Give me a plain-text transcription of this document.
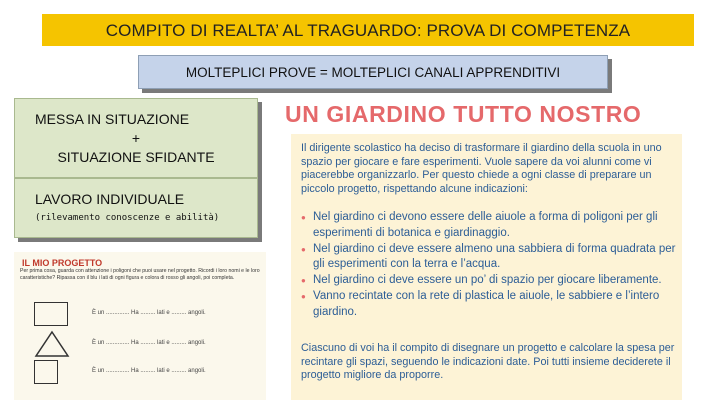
COMPITO DI REALTA’ AL TRAGUARDO: PROVA DI COMPETENZA
MOLTEPLICI PROVE = MOLTEPLICI CANALI APPRENDITIVI
MESSA IN SITUAZIONE
+
SITUAZIONE SFIDANTE
LAVORO INDIVIDUALE
(rilevamento conoscenze e abilità)
IL MIO PROGETTO
Per prima cosa, guarda con attenzione i poligoni che puoi usare nel progetto. Ricordi i loro nomi e le loro caratteristiche? Ripassa con il blu i lati di ogni figura e colora di rosso gli angoli, poi completa.
È un .............. Ha ......... lati e ......... angoli.
È un .............. Ha ......... lati e ......... angoli.
È un .............. Ha ......... lati e ......... angoli.
UN GIARDINO TUTTO NOSTRO
Il dirigente scolastico ha deciso di trasformare il giardino della scuola in uno spazio per giocare e fare esperimenti. Vuole sapere da voi alunni come vi piacerebbe organizzarlo. Per questo chiede a ogni classe di preparare un piccolo progetto, rispettando alcune indicazioni:
● Nel giardino ci devono essere delle aiuole a forma di poligoni per gli esperimenti di botanica e giardinaggio.
● Nel giardino ci deve essere almeno una sabbiera di forma quadrata per gli esperimenti con la terra e l’acqua.
● Nel giardino ci deve essere un po’ di spazio per giocare liberamente.
● Vanno recintate con la rete di plastica le aiuole, le sabbiere e l’intero giardino.
Ciascuno di voi ha il compito di disegnare un progetto e calcolare la spesa per recintare gli spazi, seguendo le indicazioni date. Poi tutti insieme deciderete il progetto migliore da proporre.
